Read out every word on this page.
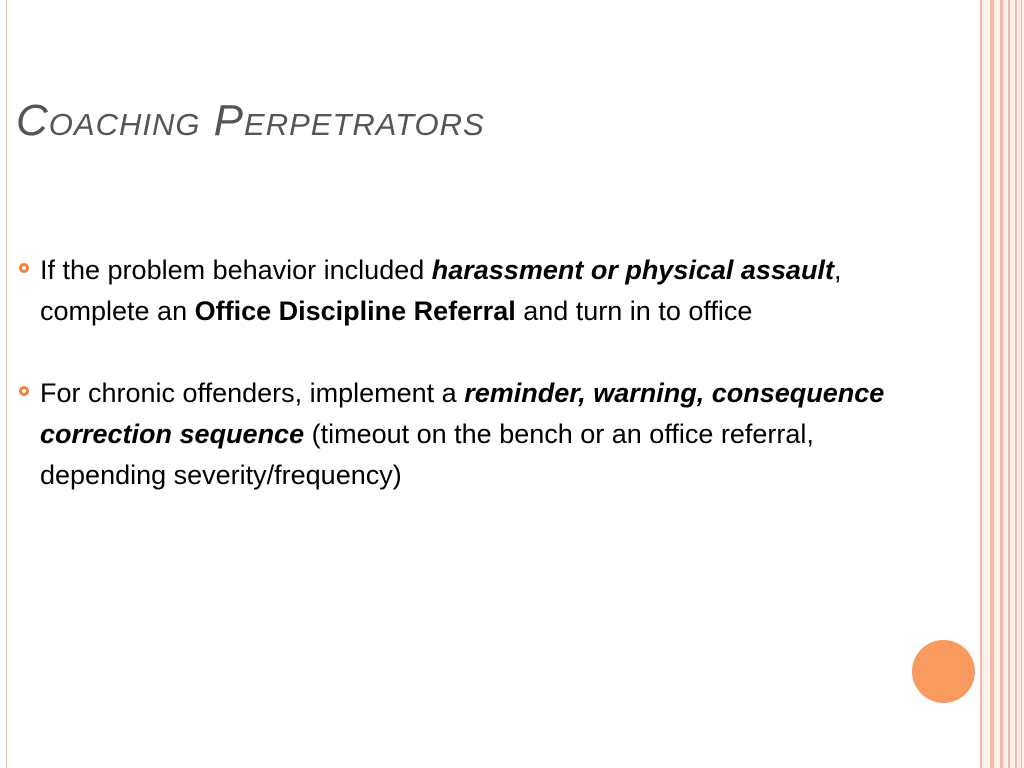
Coaching Perpetrators
If the problem behavior included harassment or physical assault, complete an Office Discipline Referral and turn in to office
For chronic offenders, implement a reminder, warning, consequence correction sequence (timeout on the bench or an office referral, depending severity/frequency)
